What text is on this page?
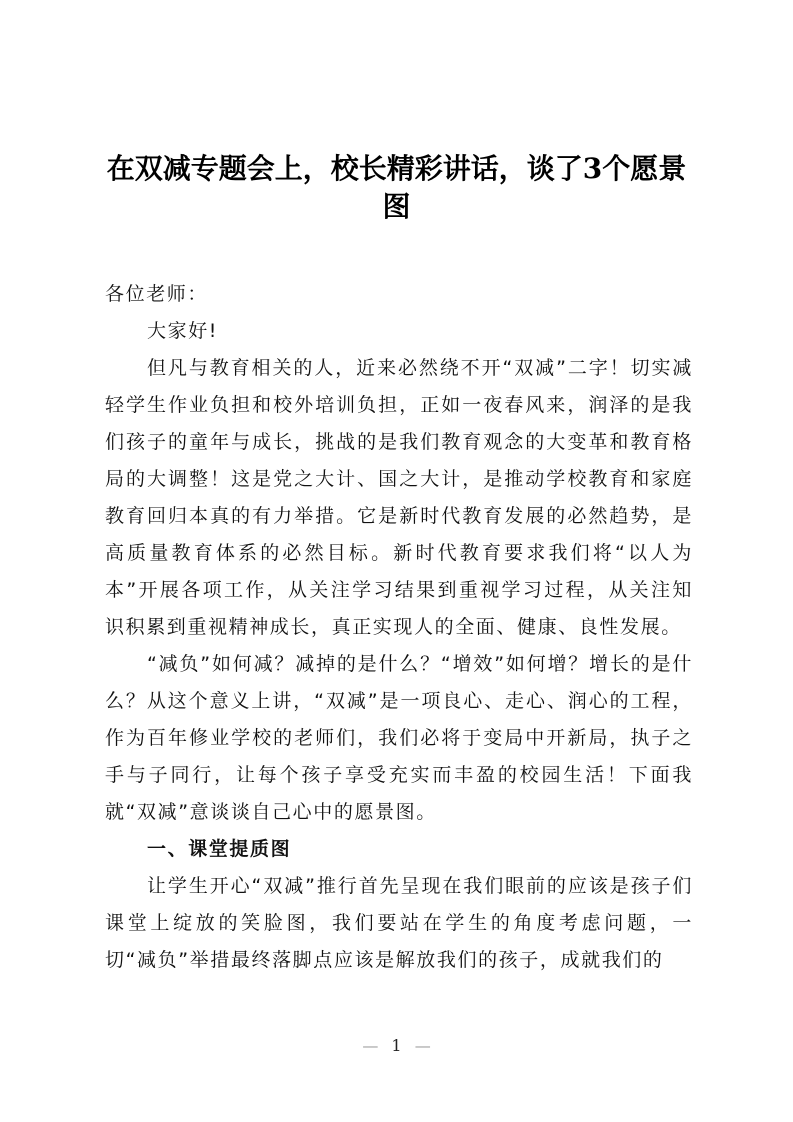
在双减专题会上，校长精彩讲话，谈了3个愿景图

各位老师：

大家好!

但凡与教育相关的人，近来必然绕不开“双减”二字！切实减轻学生作业负担和校外培训负担，正如一夜春风来，润泽的是我们孩子的童年与成长，挑战的是我们教育观念的大变革和教育格局的大调整！这是党之大计、国之大计，是推动学校教育和家庭教育回归本真的有力举措。它是新时代教育发展的必然趋势，是高质量教育体系的必然目标。新时代教育要求我们将“以人为本”开展各项工作，从关注学习结果到重视学习过程，从关注知识积累到重视精神成长，真正实现人的全面、健康、良性发展。

“减负”如何减？减掉的是什么？“增效”如何增？增长的是什么？从这个意义上讲，“双减”是一项良心、走心、润心的工程，作为百年修业学校的老师们，我们必将于变局中开新局，执子之手与子同行，让每个孩子享受充实而丰盈的校园生活！下面我就“双减”意谈谈自己心中的愿景图。

一、课堂提质图

让学生开心“双减”推行首先呈现在我们眼前的应该是孩子们课堂上绽放的笑脸图，我们要站在学生的角度考虑问题，一切“减负”举措最终落脚点应该是解放我们的孩子，成就我们的

— 1 —
